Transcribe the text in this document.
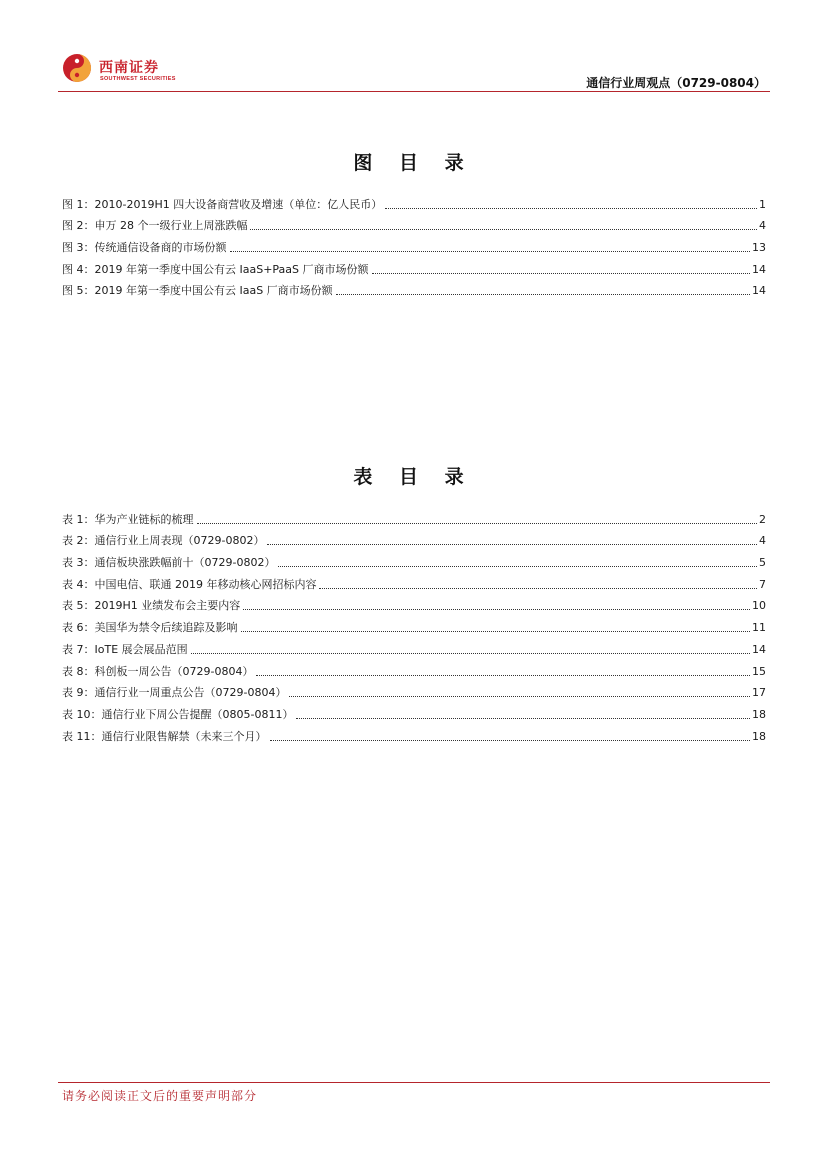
西南证券
SOUTHWEST SECURITIES	通信行业周观点（0729-0804）
图 目 录
图 1：2010-2019H1 四大设备商营收及增速（单位：亿人民币）	1
图 2：申万 28 个一级行业上周涨跌幅	4
图 3：传统通信设备商的市场份额	13
图 4：2019 年第一季度中国公有云 IaaS+PaaS 厂商市场份额	14
图 5：2019 年第一季度中国公有云 IaaS 厂商市场份额	14
表 目 录
表 1：华为产业链标的梳理	2
表 2：通信行业上周表现（0729-0802）	4
表 3：通信板块涨跌幅前十（0729-0802）	5
表 4：中国电信、联通 2019 年移动核心网招标内容	7
表 5：2019H1 业绩发布会主要内容	10
表 6：美国华为禁令后续追踪及影响	11
表 7：IoTE 展会展品范围	14
表 8：科创板一周公告（0729-0804）	15
表 9：通信行业一周重点公告（0729-0804）	17
表 10：通信行业下周公告提醒（0805-0811）	18
表 11：通信行业限售解禁（未来三个月）	18
请务必阅读正文后的重要声明部分
